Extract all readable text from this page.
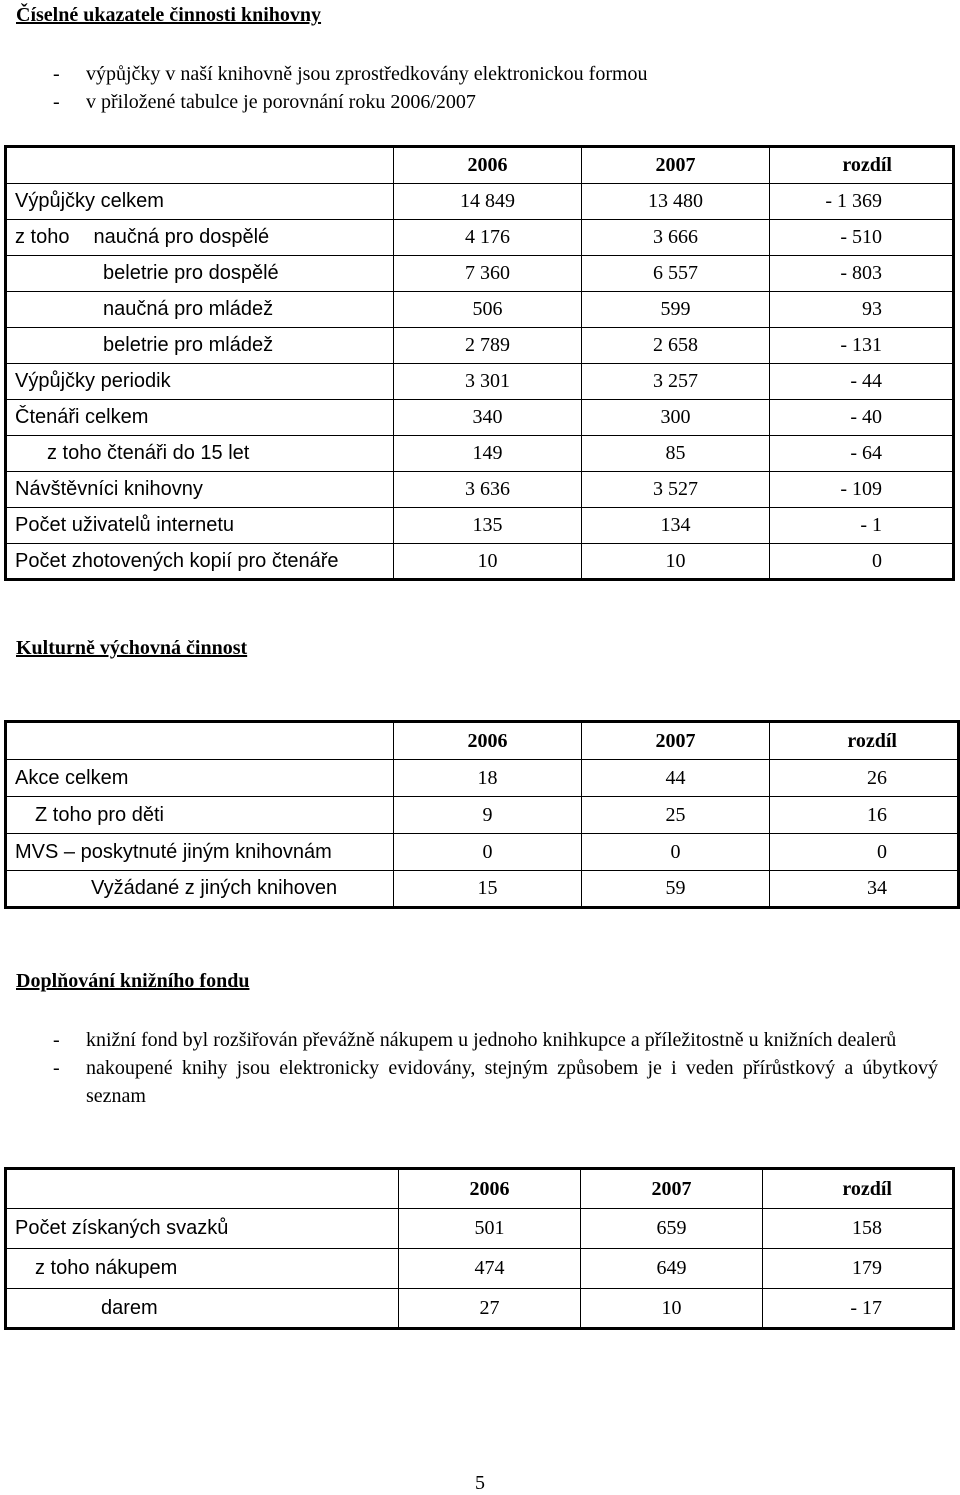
Číselné ukazatele činnosti knihovny
- výpůjčky v naší knihovně jsou zprostředkovány elektronickou formou
- v přiložené tabulce je porovnání roku 2006/2007
	2006	2007	rozdíl
Výpůjčky celkem	14 849	13 480	- 1 369
z toho naučná pro dospělé	4 176	3 666	- 510
beletrie pro dospělé	7 360	6 557	- 803
naučná pro mládež	506	599	93
beletrie pro mládež	2 789	2 658	- 131
Výpůjčky periodik	3 301	3 257	- 44
Čtenáři celkem	340	300	- 40
z toho čtenáři do 15 let	149	85	- 64
Návštěvníci knihovny	3 636	3 527	- 109
Počet uživatelů internetu	135	134	- 1
Počet zhotovených kopií pro čtenáře	10	10	0
Kulturně výchovná činnost
	2006	2007	rozdíl
Akce celkem	18	44	26
Z toho pro děti	9	25	16
MVS – poskytnuté jiným knihovnám	0	0	0
Vyžádané z jiných knihoven	15	59	34
Doplňování knižního fondu
- knižní fond byl rozšiřován převážně nákupem u jednoho knihkupce a příležitostně u knižních dealerů
- nakoupené knihy jsou elektronicky evidovány, stejným způsobem je i veden přírůstkový a úbytkový seznam
	2006	2007	rozdíl
Počet získaných svazků	501	659	158
z toho nákupem	474	649	179
darem	27	10	- 17
5
